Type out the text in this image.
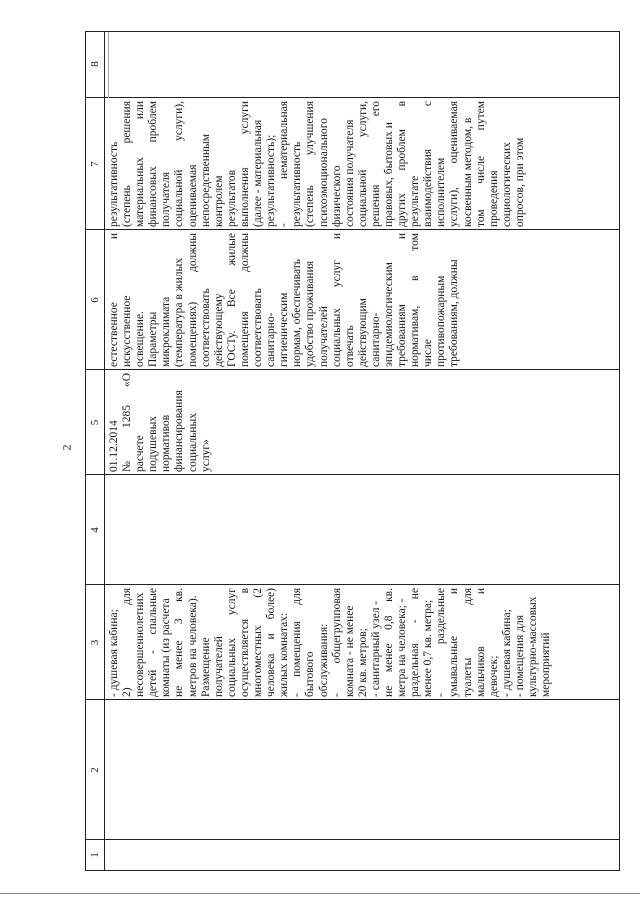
2
1
2
3
4
5
6
7
8
- душевая кабина; 2) для несовершеннолетних детей - спальные комнаты (из расчета не менее 3 кв. метров на человека). Размещение получателей социальных услуг осуществляется в многоместных (2 человека и более) жилых комнатах: - помещения для бытового обслуживания: - общегрупповая комната - не менее 20 кв. метров; - санитарный узел - не менее 0,8 кв. метра на человека; - раздельная - не менее 0,7 кв. метра; - раздельные умывальные и туалеты для мальчиков и девочек; - душевая кабина; - помещения для культурно-массовых мероприятий
01.12.2014 № 1285 «О расчете подушевых нормативов финансирования социальных услуг»
естественное и искусственное освещение. Параметры микроклимата (температура в жилых помещениях) должны соответствовать действующему ГОСТу. Все жилые помещения должны соответствовать санитарно- гигиеническим нормам, обеспечивать удобство проживания получателей социальных услуг и отвечать действующим санитарно- эпидемиологическим требованиям и нормативам, в том числе противопожарным требованиям, должны
результативность (степень решения материальных или финансовых проблем получателя социальной услуги), оцениваемая непосредственным контролем результатов выполнения услуги (далее - материальная результативность); - нематериальная результативность (степень улучшения психоэмоционального физического состояния получателя социальной услуги, решения его правовых, бытовых и других проблем в результате взаимодействия с исполнителем услуги), оцениваемая косвенным методом, в том числе путем проведения социологических опросов, при этом
